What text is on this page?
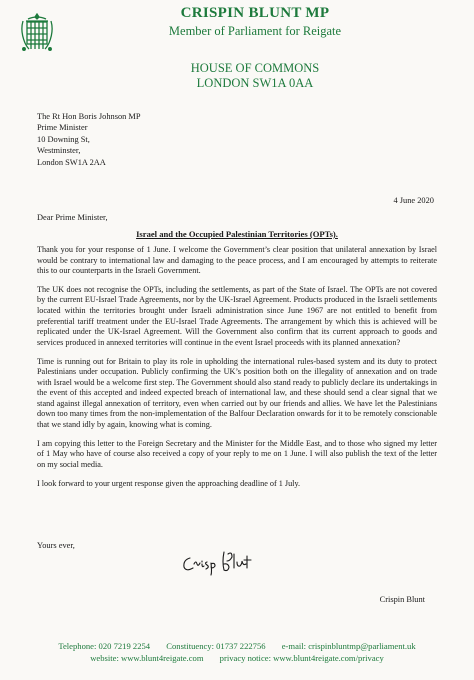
CRISPIN BLUNT MP
Member of Parliament for Reigate
HOUSE OF COMMONS
LONDON SW1A 0AA
The Rt Hon Boris Johnson MP
Prime Minister
10 Downing St,
Westminster,
London SW1A 2AA
4 June 2020
Dear Prime Minister,
Israel and the Occupied Palestinian Territories (OPTs).

Thank you for your response of 1 June. I welcome the Government’s clear position that unilateral annexation by Israel would be contrary to international law and damaging to the peace process, and I am encouraged by attempts to reiterate this to our counterparts in the Israeli Government.

The UK does not recognise the OPTs, including the settlements, as part of the State of Israel. The OPTs are not covered by the current EU-Israel Trade Agreements, nor by the UK-Israel Agreement. Products produced in the Israeli settlements located within the territories brought under Israeli administration since June 1967 are not entitled to benefit from preferential tariff treatment under the EU-Israel Trade Agreements. The arrangement by which this is achieved will be replicated under the UK-Israel Agreement. Will the Government also confirm that its current approach to goods and services produced in annexed territories will continue in the event Israel proceeds with its planned annexation?

Time is running out for Britain to play its role in upholding the international rules-based system and its duty to protect Palestinians under occupation. Publicly confirming the UK’s position both on the illegality of annexation and on trade with Israel would be a welcome first step. The Government should also stand ready to publicly declare its undertakings in the event of this accepted and indeed expected breach of international law, and these should send a clear signal that we stand against illegal annexation of territory, even when carried out by our friends and allies. We have let the Palestinians down too many times from the non-implementation of the Balfour Declaration onwards for it to be remotely conscionable that we stand idly by again, knowing what is coming.

I am copying this letter to the Foreign Secretary and the Minister for the Middle East, and to those who signed my letter of 1 May who have of course also received a copy of your reply to me on 1 June. I will also publish the text of the letter on my social media.

I look forward to your urgent response given the approaching deadline of 1 July.

Yours ever,
Crispin Blunt
Telephone: 020 7219 2254 Constituency: 01737 222756 e-mail: crispinbluntmp@parliament.uk
website: www.blunt4reigate.com privacy notice: www.blunt4reigate.com/privacy
